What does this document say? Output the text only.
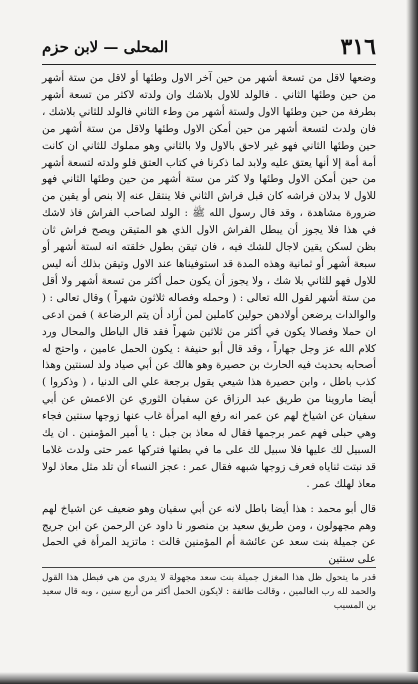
٣١٦
المحلى — لابن حزم

وضعها لاقل من تسعة أشهر من حين آخر الاول وطئها أو لاقل من ستة أشهر من حين وطئها الثاني . فالولد للاول بلاشك وان ولدته لاكثر من تسعة أشهر بطرفة من حين وطئها الاول ولستة أشهر من وطء الثاني فالولد للثاني بلاشك ، فان ولدت لتسعة أشهر من حين أمكن الاول وطئها ولاقل من ستة أشهر من حين وطئها الثاني فهو غير لاحق بالاول ولا بالثاني وهو مملوك للثاني ان كانت أمة أمة إلا أنها يعتق عليه ولابد لما ذكرنا في كتاب العتق فلو ولدته لتسعة أشهر من حين أمكن الاول وطئها ولا كثر من ستة أشهر من حين وطئها الثاني فهو للاول لا بدلان فراشه كان قبل فراش الثاني فلا ينتقل عنه إلا بنص أو يقين من ضرورة مشاهدة ، وقد قال رسول الله ﷺ : الولد لصاحب الفراش فاذ لاشك في هذا فلا يجوز أن يبطل الفراش الاول الذي هو المتيقن ويصح فراش ثان بظن لسكن يقين لاجال للشك فيه ، فان تيقن بطول خلقته انه لستة أشهر أو سبعة أشهر أو ثمانية وهذه المدة قد استوفيناها عند الاول وتيقن بذلك أنه ليس للاول فهو للثاني بلا شك ، ولا يجوز أن يكون حمل أكثر من تسعة أشهر ولا أقل من ستة أشهر لقول الله تعالى : ( وحمله وفصاله ثلاثون شهراً ) وقال تعالى : ( والوالدات يرضعن أولادهن حولين كاملين لمن أراد أن يتم الرضاعة ) فمن ادعى ان حملا وفصالا يكون في أكثر من ثلاثين شهراً فقد قال الباطل والمحال ورد كلام الله عز وجل جهاراً ، وقد قال أبو حنيفة : يكون الحمل عامين ، واحتج له أصحابه بحديث فيه الحارث بن حصيرة وهو هالك عن أبي صياد ولد لسنتين وهذا كذب باطل ، وابن حصيرة هذا شيعي يقول برجعة علي الى الدنيا ، ( وذكروا ) أيضا ماروينا من طريق عبد الرزاق عن سفيان الثوري عن الاعمش عن أبي سفيان عن اشياخ لهم عن عمر انه رفع اليه امرأة غاب عنها زوجها سنتين فجاء وهي حبلى فهم عمر برجمها فقال له معاذ بن جبل : يا أمير المؤمنين . ان يك السبيل لك عليها فلا سبيل لك على ما في بطنها فتركها عمر حتى ولدت غلاما قد نبتت ثناياه فعرف زوجها شبهه فقال عمر : عجز النساء أن تلد مثل معاذ لولا معاذ لهلك عمر .

قال أبو محمد : هذا أيضا باطل لانه عن أبي سفيان وهو ضعيف عن اشياخ لهم وهم مجهولون ، ومن طريق سعيد بن منصور نا داود عن الرحمن عن ابن جريج عن جميلة بنت سعد عن عائشة أم المؤمنين قالت : ماتزيد المرأة في الحمل على سنتين

قدر ما يتحول ظل هذا المغزل جميلة بنت سعد مجهولة لا يدري من هي فبطل هذا القول والحمد لله رب العالمين ، وقالت طائفة : لايكون الحمل أكثر من أربع سنين ، وبه قال سعيد بن المسيب
